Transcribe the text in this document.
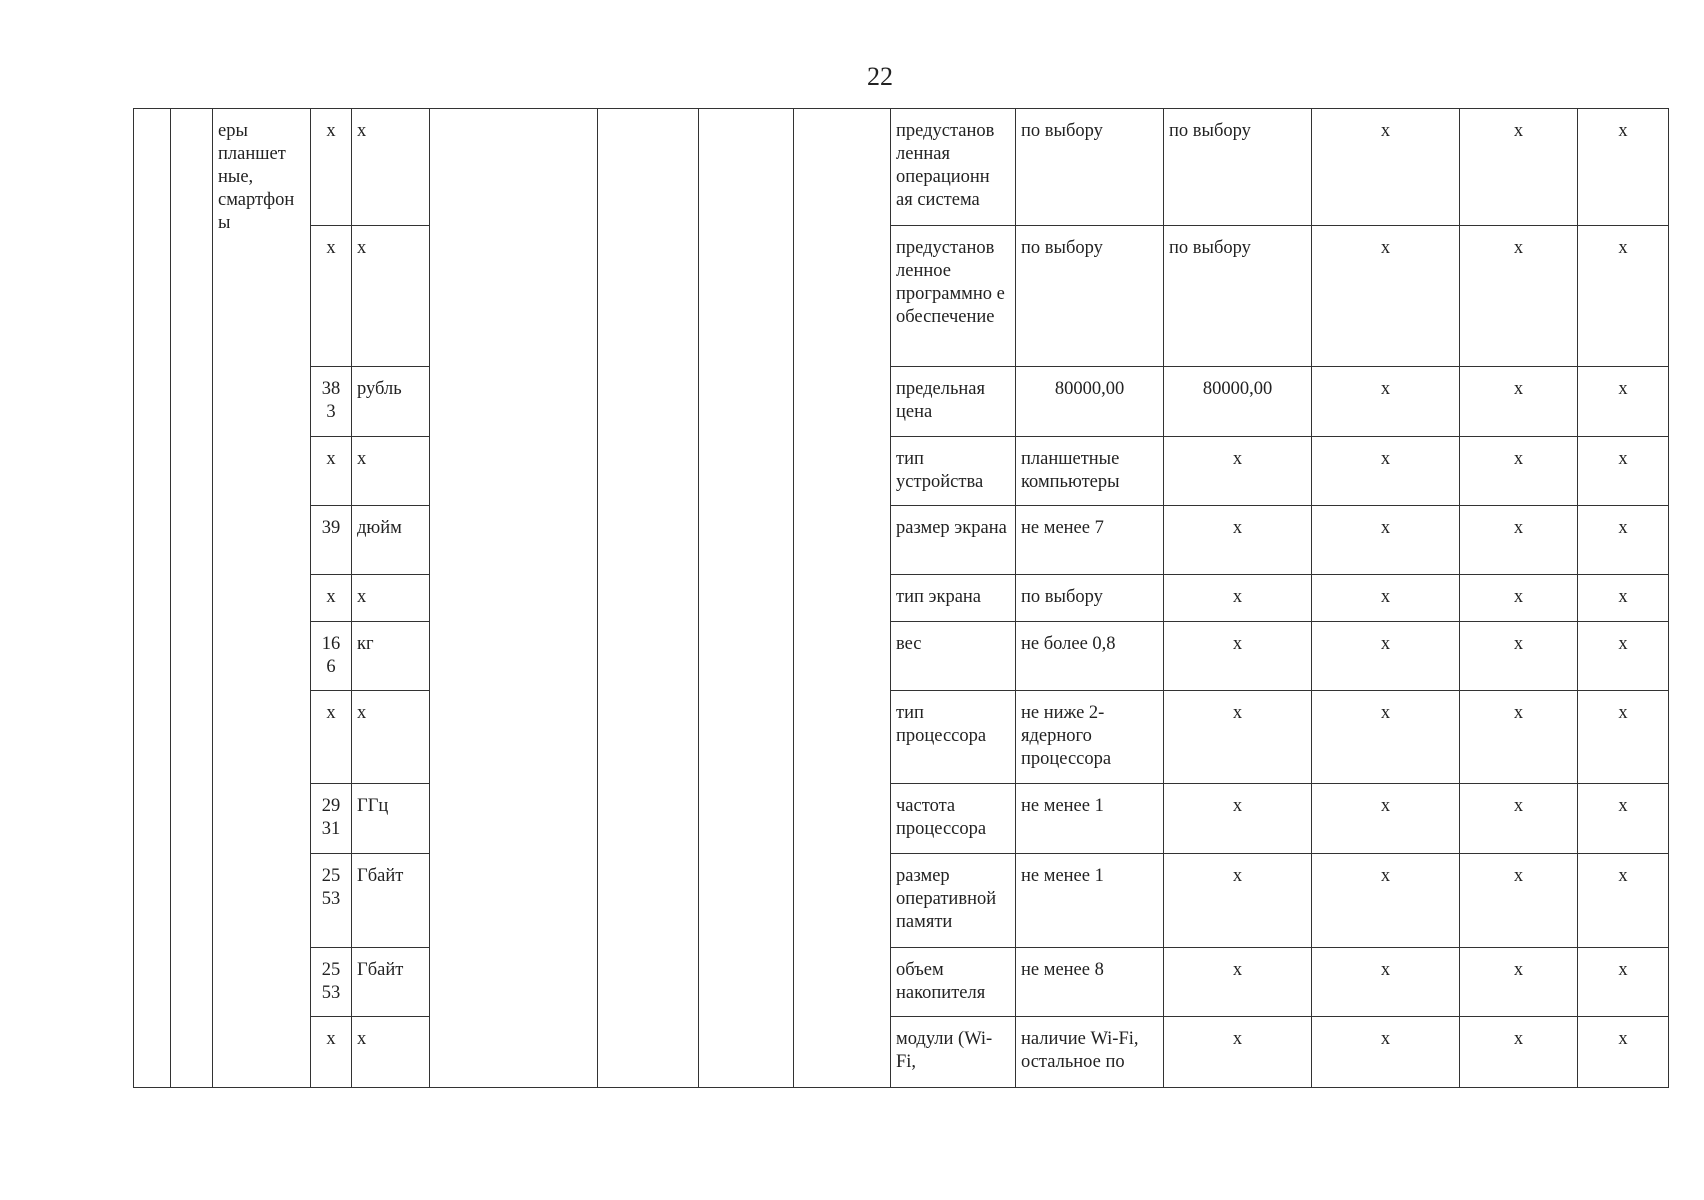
22
		еры планшет ные, смартфон ы	х	х					предустанов ленная операционн ая система	по выбору	по выбору	х	х	х
			х	х					предустанов ленное программно е обеспечение	по выбору	по выбору	х	х	х
			38 3	рубль					предельная цена	80000,00	80000,00	х	х	х
			х	х					тип устройства	планшетные компьютеры	х	х	х	х
			39	дюйм					размер экрана	не менее 7	х	х	х	х
			х	х					тип экрана	по выбору	х	х	х	х
			16 6	кг					вес	не более 0,8	х	х	х	х
			х	х					тип процессора	не ниже 2-ядерного процессора	х	х	х	х
			29 31	ГГц					частота процессора	не менее 1	х	х	х	х
			25 53	Гбайт					размер оперативной памяти	не менее 1	х	х	х	х
			25 53	Гбайт					объем накопителя	не менее 8	х	х	х	х
			х	х					модули (Wi-Fi,	наличие Wi-Fi, остальное по	х	х	х	х
